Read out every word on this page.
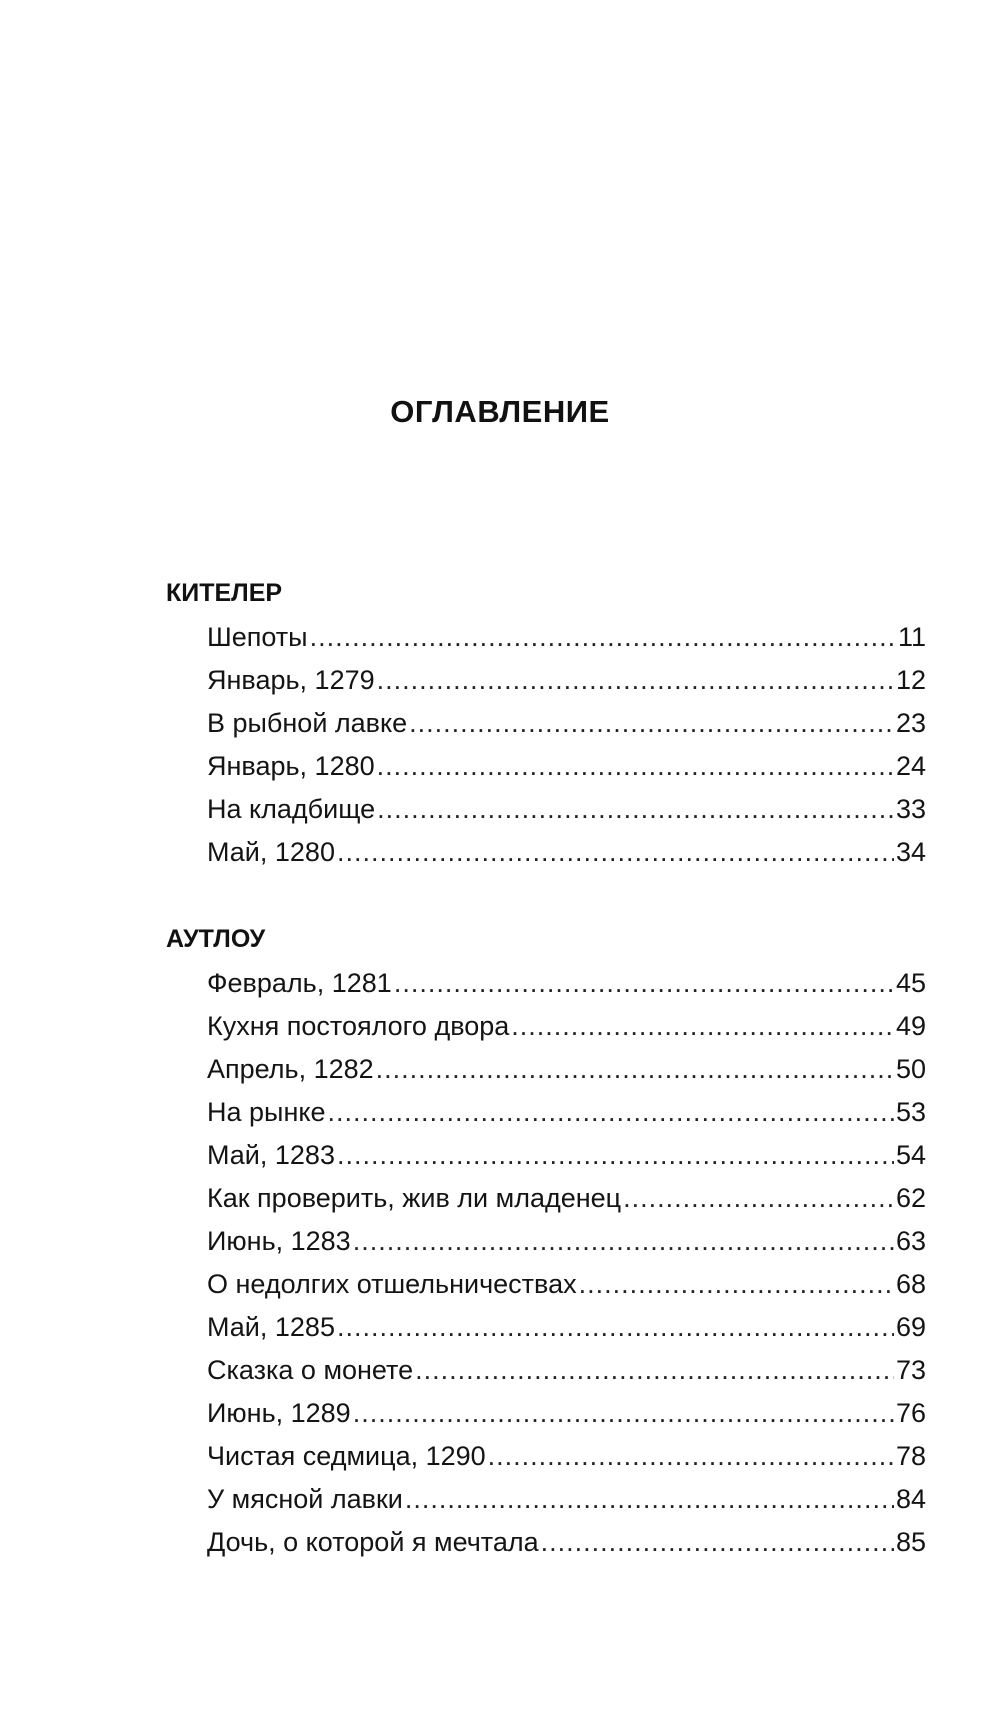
ОГЛАВЛЕНИЕ
КИТЕЛЕР
Шепоты .....	11
Январь, 1279 .....	12
В рыбной лавке .....	23
Январь, 1280 .....	24
На кладбище .....	33
Май, 1280 .....	34
АУТЛОУ
Февраль, 1281 .....	45
Кухня постоялого двора .....	49
Апрель, 1282 .....	50
На рынке .....	53
Май, 1283 .....	54
Как проверить, жив ли младенец .....	62
Июнь, 1283 .....	63
О недолгих отшельничествах .....	68
Май, 1285 .....	69
Сказка о монете .....	73
Июнь, 1289 .....	76
Чистая седмица, 1290 .....	78
У мясной лавки .....	84
Дочь, о которой я мечтала .....	85
